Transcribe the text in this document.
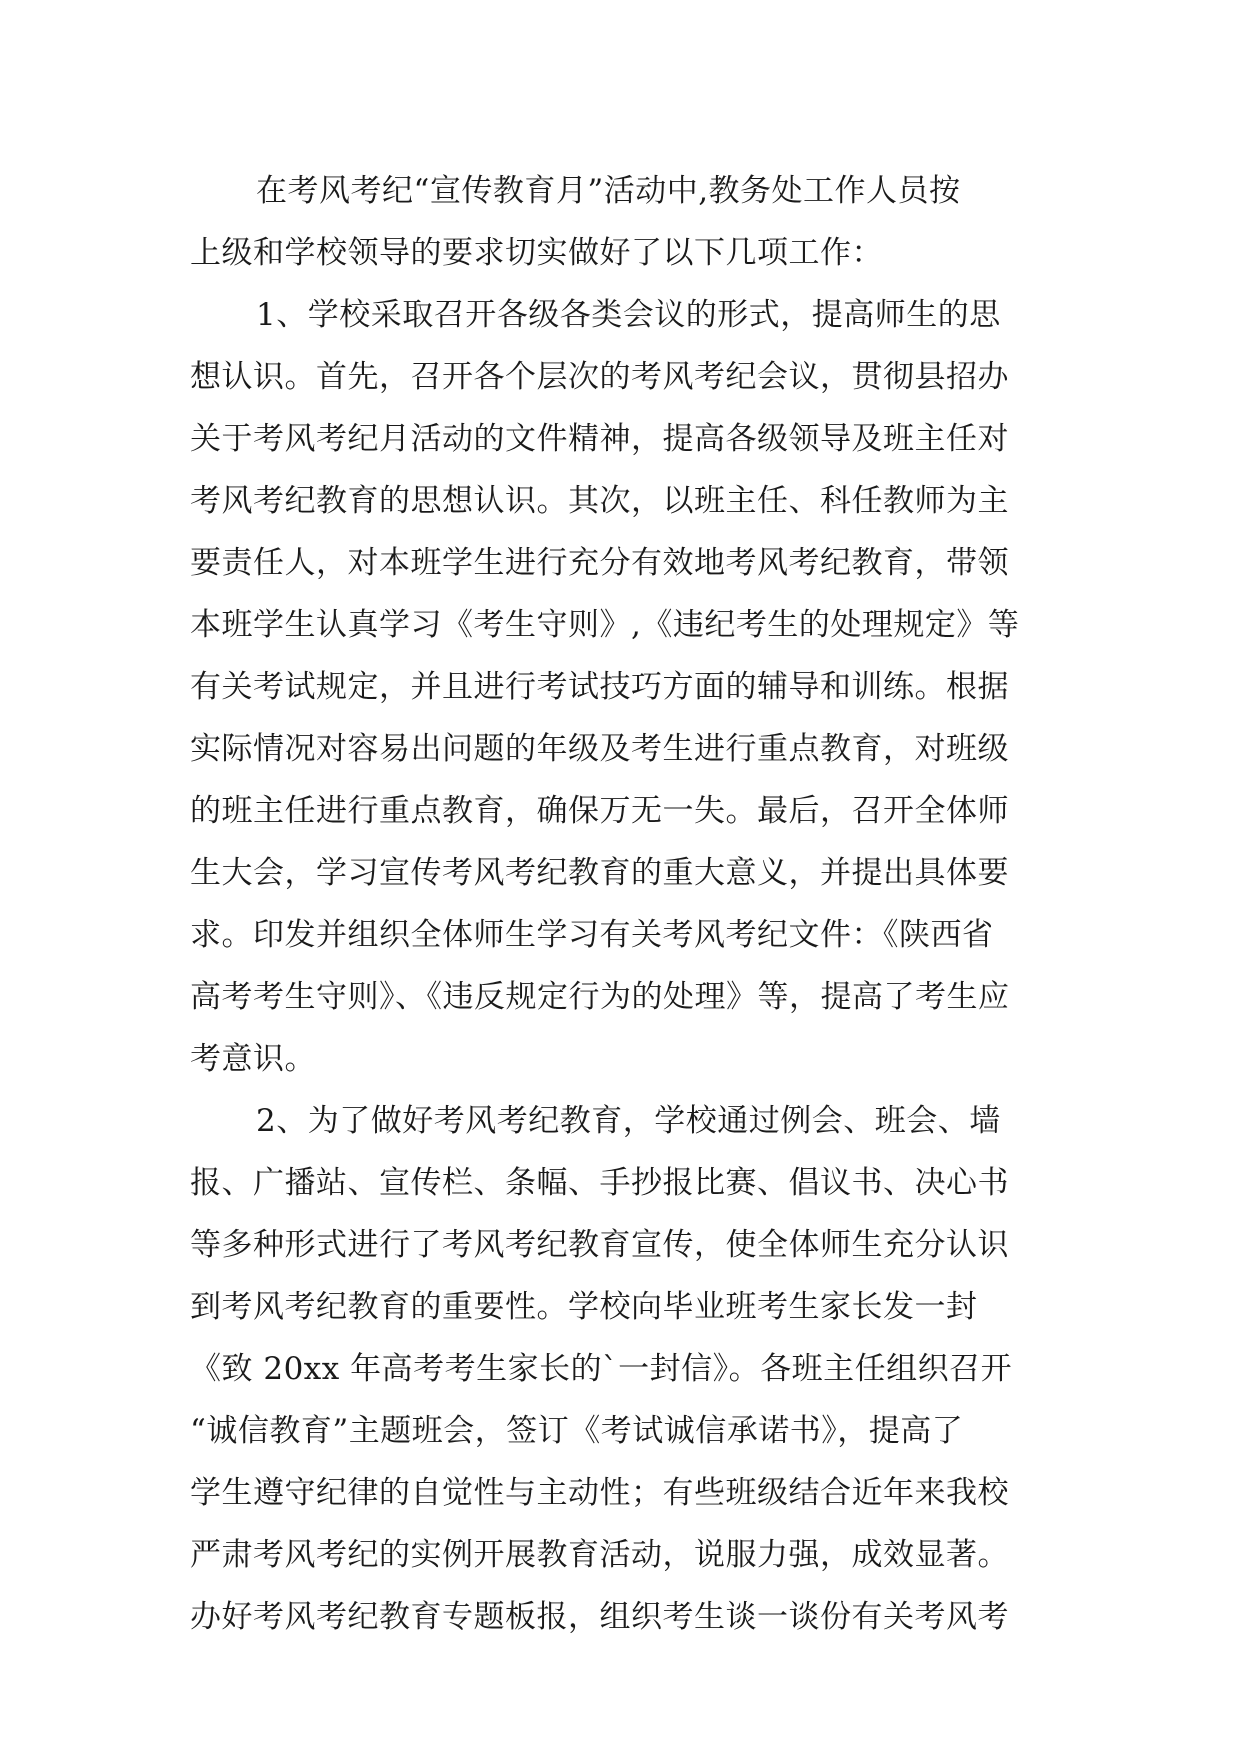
在考风考纪“宣传教育月”活动中,教务处工作人员按
上级和学校领导的要求切实做好了以下几项工作：
1、学校采取召开各级各类会议的形式，提高师生的思
想认识。首先，召开各个层次的考风考纪会议，贯彻县招办
关于考风考纪月活动的文件精神，提高各级领导及班主任对
考风考纪教育的思想认识。其次，以班主任、科任教师为主
要责任人，对本班学生进行充分有效地考风考纪教育，带领
本班学生认真学习《考生守则》,《违纪考生的处理规定》等
有关考试规定，并且进行考试技巧方面的辅导和训练。根据
实际情况对容易出问题的年级及考生进行重点教育，对班级
的班主任进行重点教育，确保万无一失。最后，召开全体师
生大会，学习宣传考风考纪教育的重大意义，并提出具体要
求。印发并组织全体师生学习有关考风考纪文件：《陕西省
高考考生守则》、《违反规定行为的处理》等，提高了考生应
考意识。
2、为了做好考风考纪教育，学校通过例会、班会、墙
报、广播站、宣传栏、条幅、手抄报比赛、倡议书、决心书
等多种形式进行了考风考纪教育宣传，使全体师生充分认识
到考风考纪教育的重要性。学校向毕业班考生家长发一封
《致 20xx 年高考考生家长的`一封信》。各班主任组织召开
“诚信教育”主题班会，签订《考试诚信承诺书》，提高了
学生遵守纪律的自觉性与主动性；有些班级结合近年来我校
严肃考风考纪的实例开展教育活动，说服力强，成效显著。
办好考风考纪教育专题板报，组织考生谈一谈份有关考风考
